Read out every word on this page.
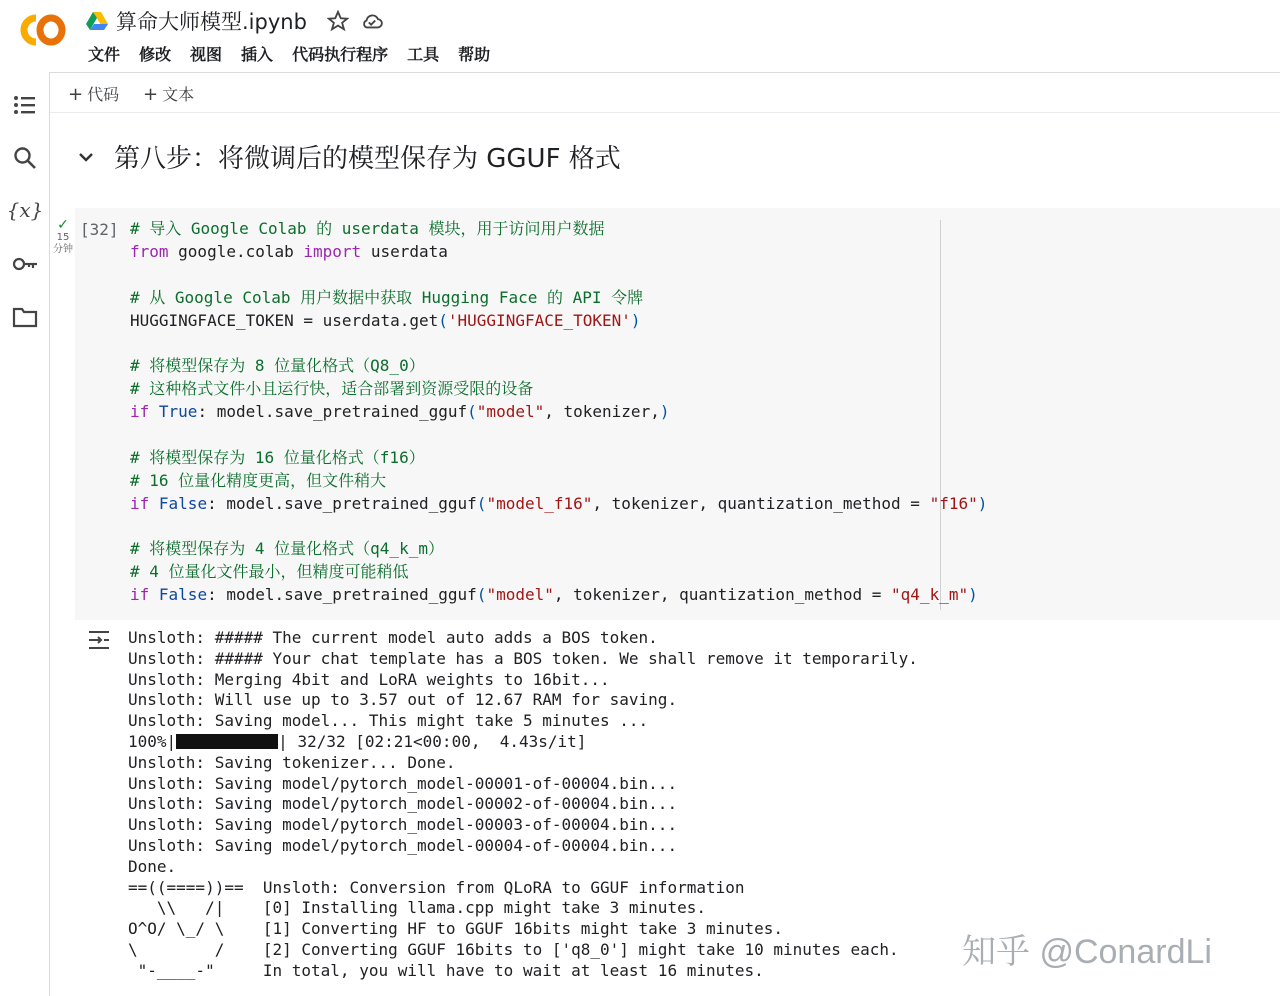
算命大师模型.ipynb
文件 修改 视图 插入 代码执行程序 工具 帮助
{x}
+ 代码 + 文本
第八步：将微调后的模型保存为 GGUF 格式
✓
15
分钟
[32] # 导入 Google Colab 的 userdata 模块，用于访问用户数据
from google.colab import userdata

# 从 Google Colab 用户数据中获取 Hugging Face 的 API 令牌
HUGGINGFACE_TOKEN = userdata.get('HUGGINGFACE_TOKEN')

# 将模型保存为 8 位量化格式（Q8_0）
# 这种格式文件小且运行快，适合部署到资源受限的设备
if True: model.save_pretrained_gguf("model", tokenizer,)

# 将模型保存为 16 位量化格式（f16）
# 16 位量化精度更高，但文件稍大
if False: model.save_pretrained_gguf("model_f16", tokenizer, quantization_method = "f16")

# 将模型保存为 4 位量化格式（q4_k_m）
# 4 位量化文件最小，但精度可能稍低
if False: model.save_pretrained_gguf("model", tokenizer, quantization_method = "q4_k_m")
Unsloth: ##### The current model auto adds a BOS token.
Unsloth: ##### Your chat template has a BOS token. We shall remove it temporarily.
Unsloth: Merging 4bit and LoRA weights to 16bit...
Unsloth: Will use up to 3.57 out of 12.67 RAM for saving.
Unsloth: Saving model... This might take 5 minutes ...
100%|	| 32/32 [02:21<00:00,  4.43s/it]
Unsloth: Saving tokenizer... Done.
Unsloth: Saving model/pytorch_model-00001-of-00004.bin...
Unsloth: Saving model/pytorch_model-00002-of-00004.bin...
Unsloth: Saving model/pytorch_model-00003-of-00004.bin...
Unsloth: Saving model/pytorch_model-00004-of-00004.bin...
Done.
==((====))==  Unsloth: Conversion from QLoRA to GGUF information
\\   /|    [0] Installing llama.cpp might take 3 minutes.
O^O/ \_/ \    [1] Converting HF to GGUF 16bits might take 3 minutes.
\        /    [2] Converting GGUF 16bits to ['q8_0'] might take 10 minutes each.
"-____-"     In total, you will have to wait at least 16 minutes.	知乎 @ConardLi
